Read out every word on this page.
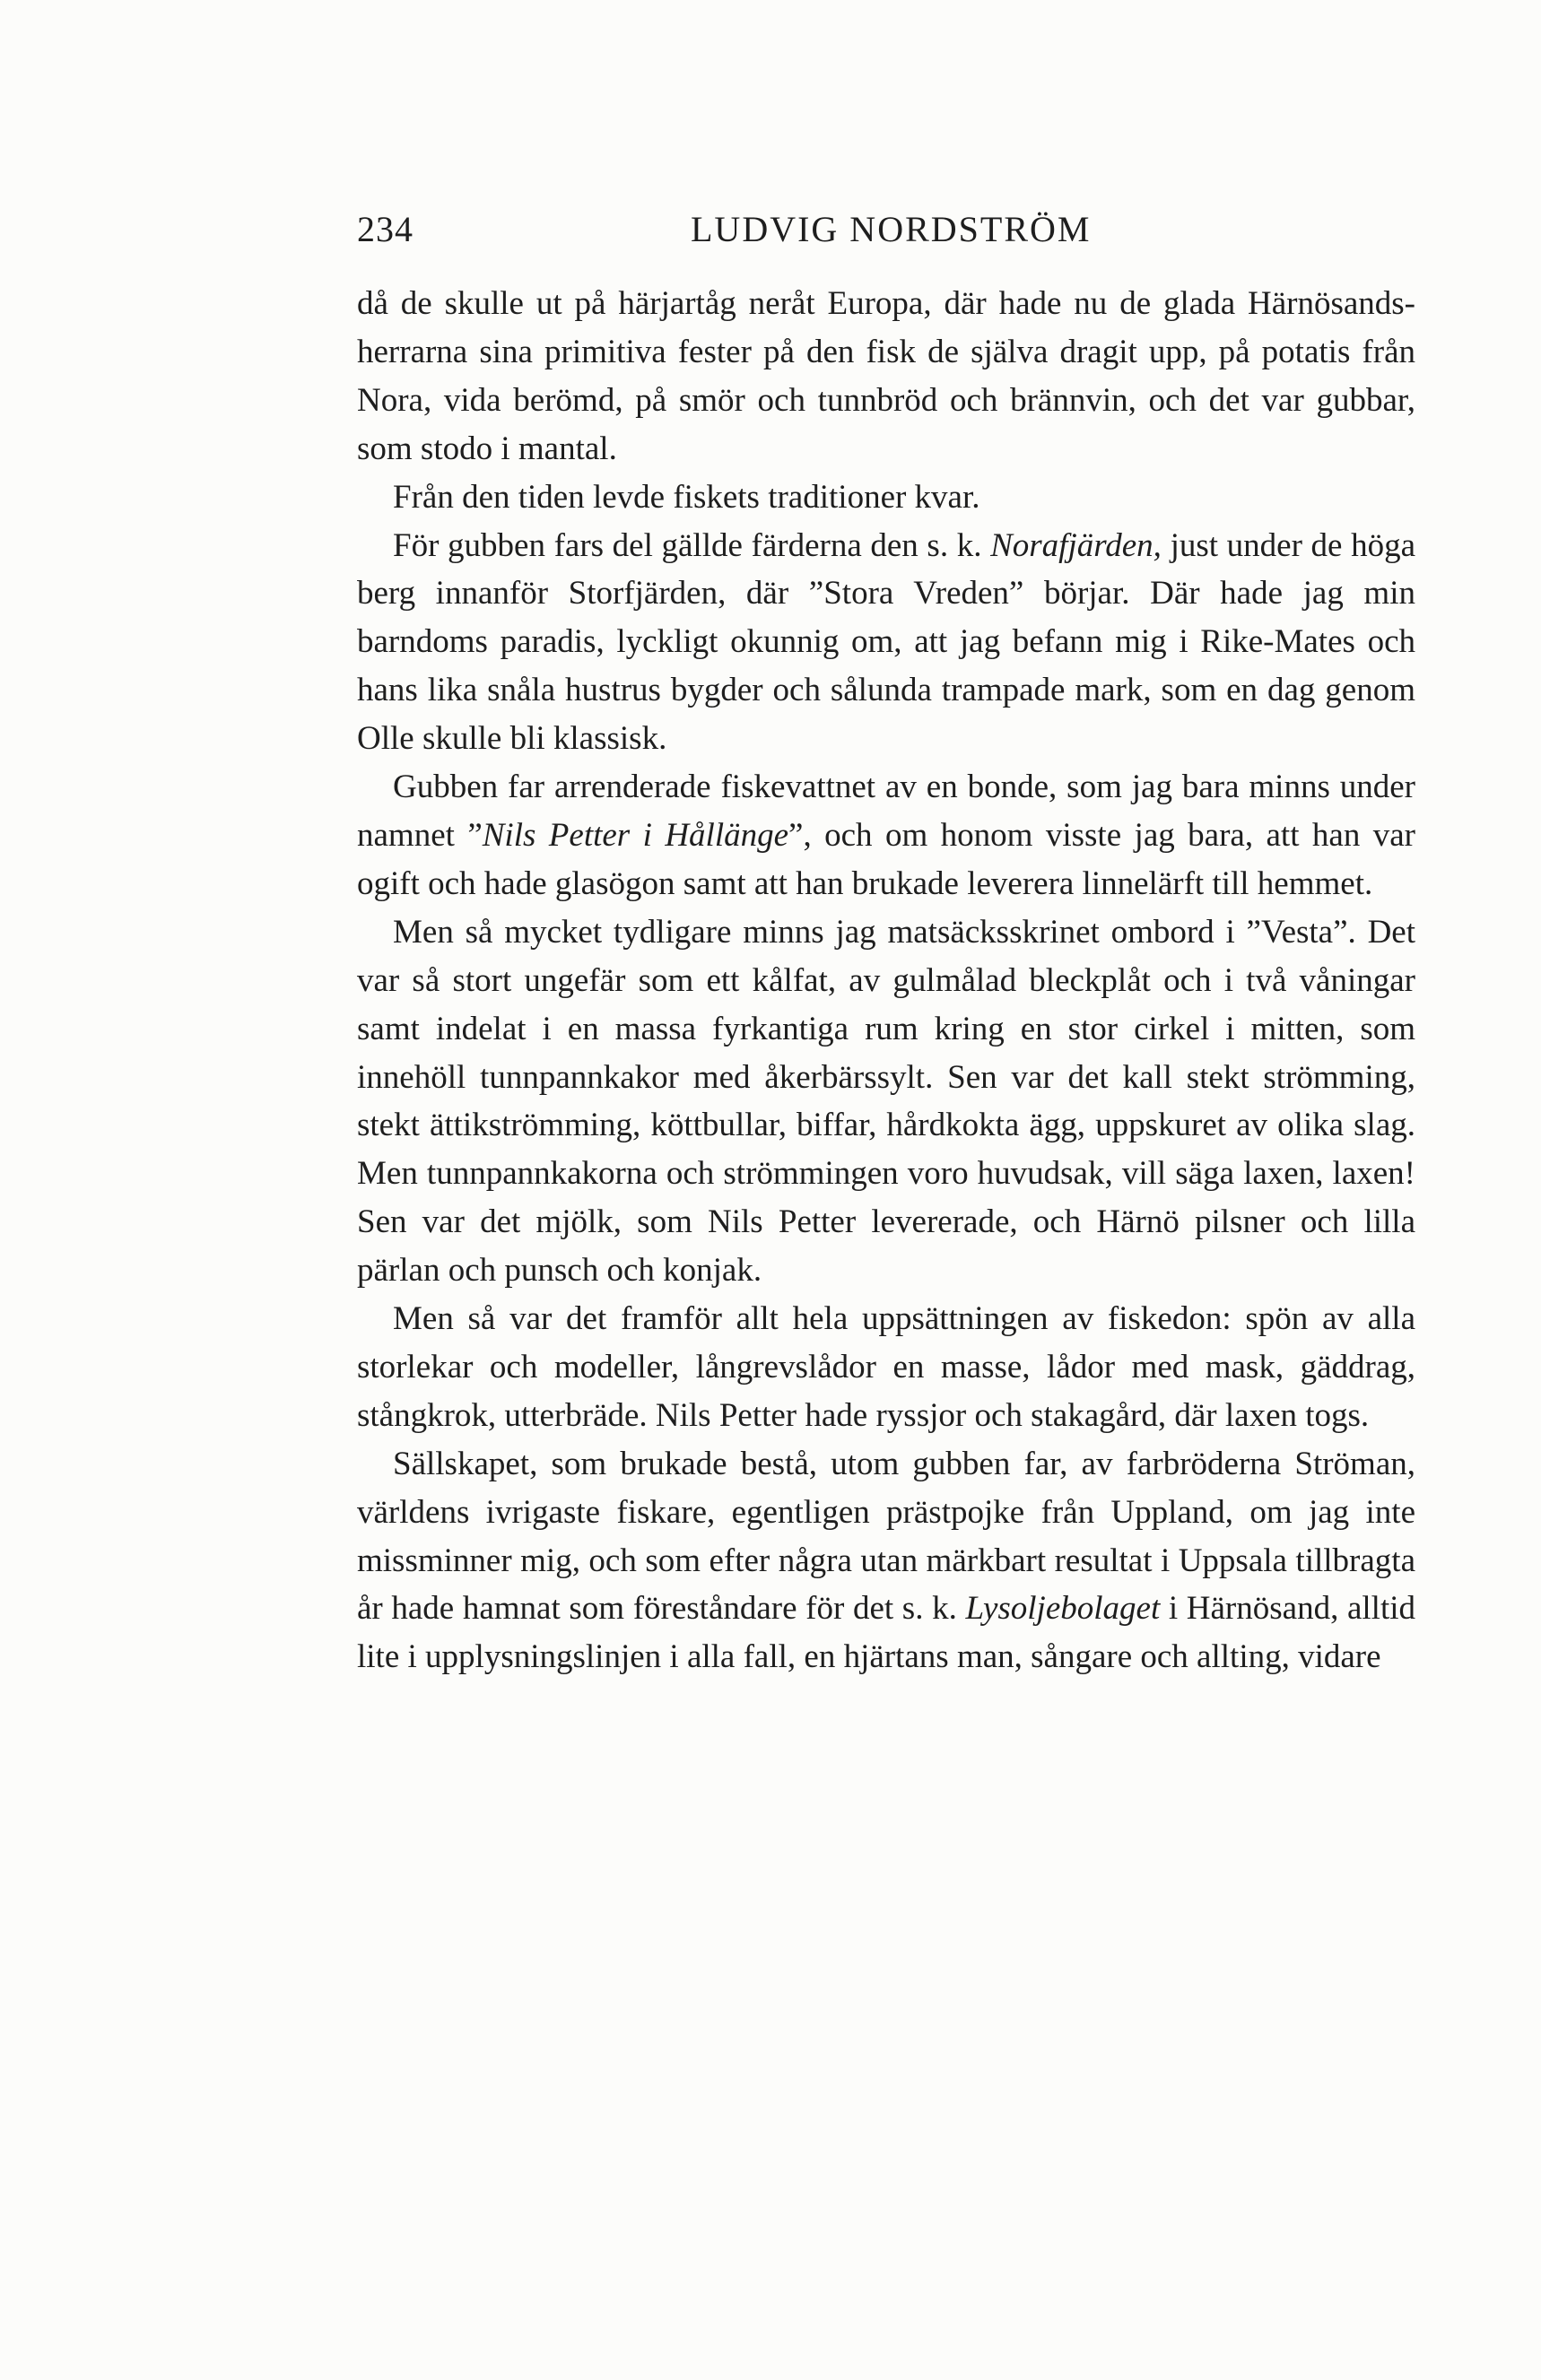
234	LUDVIG NORDSTRÖM

då de skulle ut på härjartåg neråt Europa, där hade nu de glada Härnösands-herrarna sina primitiva fester på den fisk de själva dragit upp, på potatis från Nora, vida berömd, på smör och tunnbröd och brännvin, och det var gubbar, som stodo i mantal.

Från den tiden levde fiskets traditioner kvar.

För gubben fars del gällde färderna den s. k. Norafjärden, just under de höga berg innanför Storfjärden, där ”Stora Vreden” börjar. Där hade jag min barndoms paradis, lyckligt okunnig om, att jag befann mig i Rike-Mates och hans lika snåla hustrus bygder och sålunda trampade mark, som en dag genom Olle skulle bli klassisk.

Gubben far arrenderade fiskevattnet av en bonde, som jag bara minns under namnet ”Nils Petter i Hållänge”, och om honom visste jag bara, att han var ogift och hade glasögon samt att han brukade leverera linnelärft till hemmet.

Men så mycket tydligare minns jag matsäcksskrinet ombord i ”Vesta”. Det var så stort ungefär som ett kålfat, av gulmålad bleckplåt och i två våningar samt indelat i en massa fyrkantiga rum kring en stor cirkel i mitten, som innehöll tunnpannkakor med åkerbärssylt. Sen var det kall stekt strömming, stekt ättikströmming, köttbullar, biffar, hårdkokta ägg, uppskuret av olika slag. Men tunnpannkakorna och strömmingen voro huvudsak, vill säga laxen, laxen! Sen var det mjölk, som Nils Petter levererade, och Härnö pilsner och lilla pärlan och punsch och konjak.

Men så var det framför allt hela uppsättningen av fiskedon: spön av alla storlekar och modeller, långrevslådor en masse, lådor med mask, gäddrag, stångkrok, utterbräde. Nils Petter hade ryssjor och stakagård, där laxen togs.

Sällskapet, som brukade bestå, utom gubben far, av farbröderna Ströman, världens ivrigaste fiskare, egentligen prästpojke från Uppland, om jag inte missminner mig, och som efter några utan märkbart resultat i Uppsala tillbragta år hade hamnat som föreståndare för det s. k. Lysoljebolaget i Härnösand, alltid lite i upplysningslinjen i alla fall, en hjärtans man, sångare och allting, vidare
